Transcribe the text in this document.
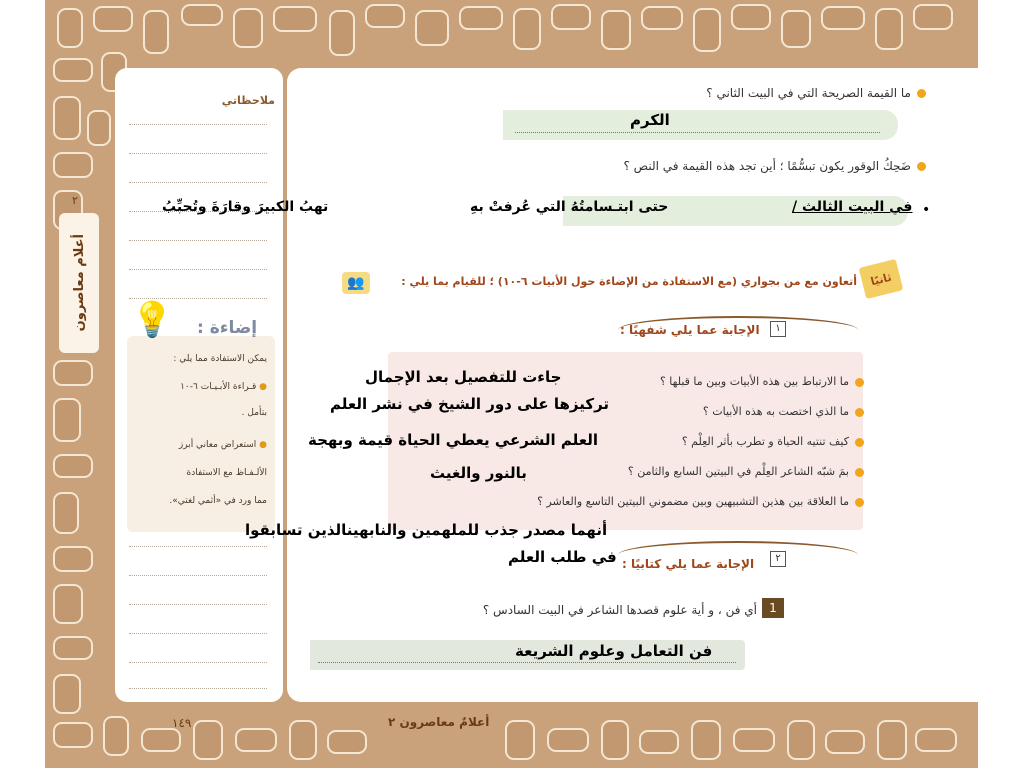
٢
أعلام معاصرون
ملاحظاتي
💡 إضاءة :
يمكن الاستفادة مما يلي :
● قـراءة الأبـيـات ٦-١٠
بتأمل .
● استعراض معاني أبرز
الألـفـاظ مع الاستفادة
مما ورد في «أثمي لغتي».
ما القيمة الصريحة التي في البيت الثاني ؟
الكرم
ضَحِكُ الوقور يكون تبسُّمًا ؛ أين تجد هذه القيمة في النص ؟
•
في البيت الثالث /
حتى ابتـسامتُهُ التي عُرفتْ بهِ
تهبُ الكبيرَ وقارَةَ وتُحبِّبُ
ثانيًا
👥	أتعاون مع من بجواري (مع الاستفادة من الإضاءة حول الأبيات ٦-١٠) ؛ للقيام بما يلي :
١
الإجابة عما يلي شفهيًا :
ما الارتباط بين هذه الأبيات وبين ما قبلها ؟
ما الذي اختصت به هذه الأبيات ؟
كيف تنتيه الحياة و تطرب بأثر العِلْم ؟
بمَ شبّه الشاعر العِلْم في البيتين السابع والثامن ؟
ما العلاقة بين هذين التشبيهين وبين مضموني البيتين التاسع والعاشر ؟
جاءت للتفصيل بعد الإجمال
تركيزها على دور الشيخ في نشر العلم
العلم الشرعي يعطي الحياة قيمة وبهجة
بالنور والغيث
أنهما مصدر جذب للملهمين والنابهينالذين تسابقوا
في طلب العلم	٢
الإجابة عما يلي كتابيًا :
1
أي فن ، و أية علوم قصدها الشاعر في البيت السادس ؟
فن التعامل وعلوم الشريعة
أعلامٌ معاصرون ٢
١٤٩
